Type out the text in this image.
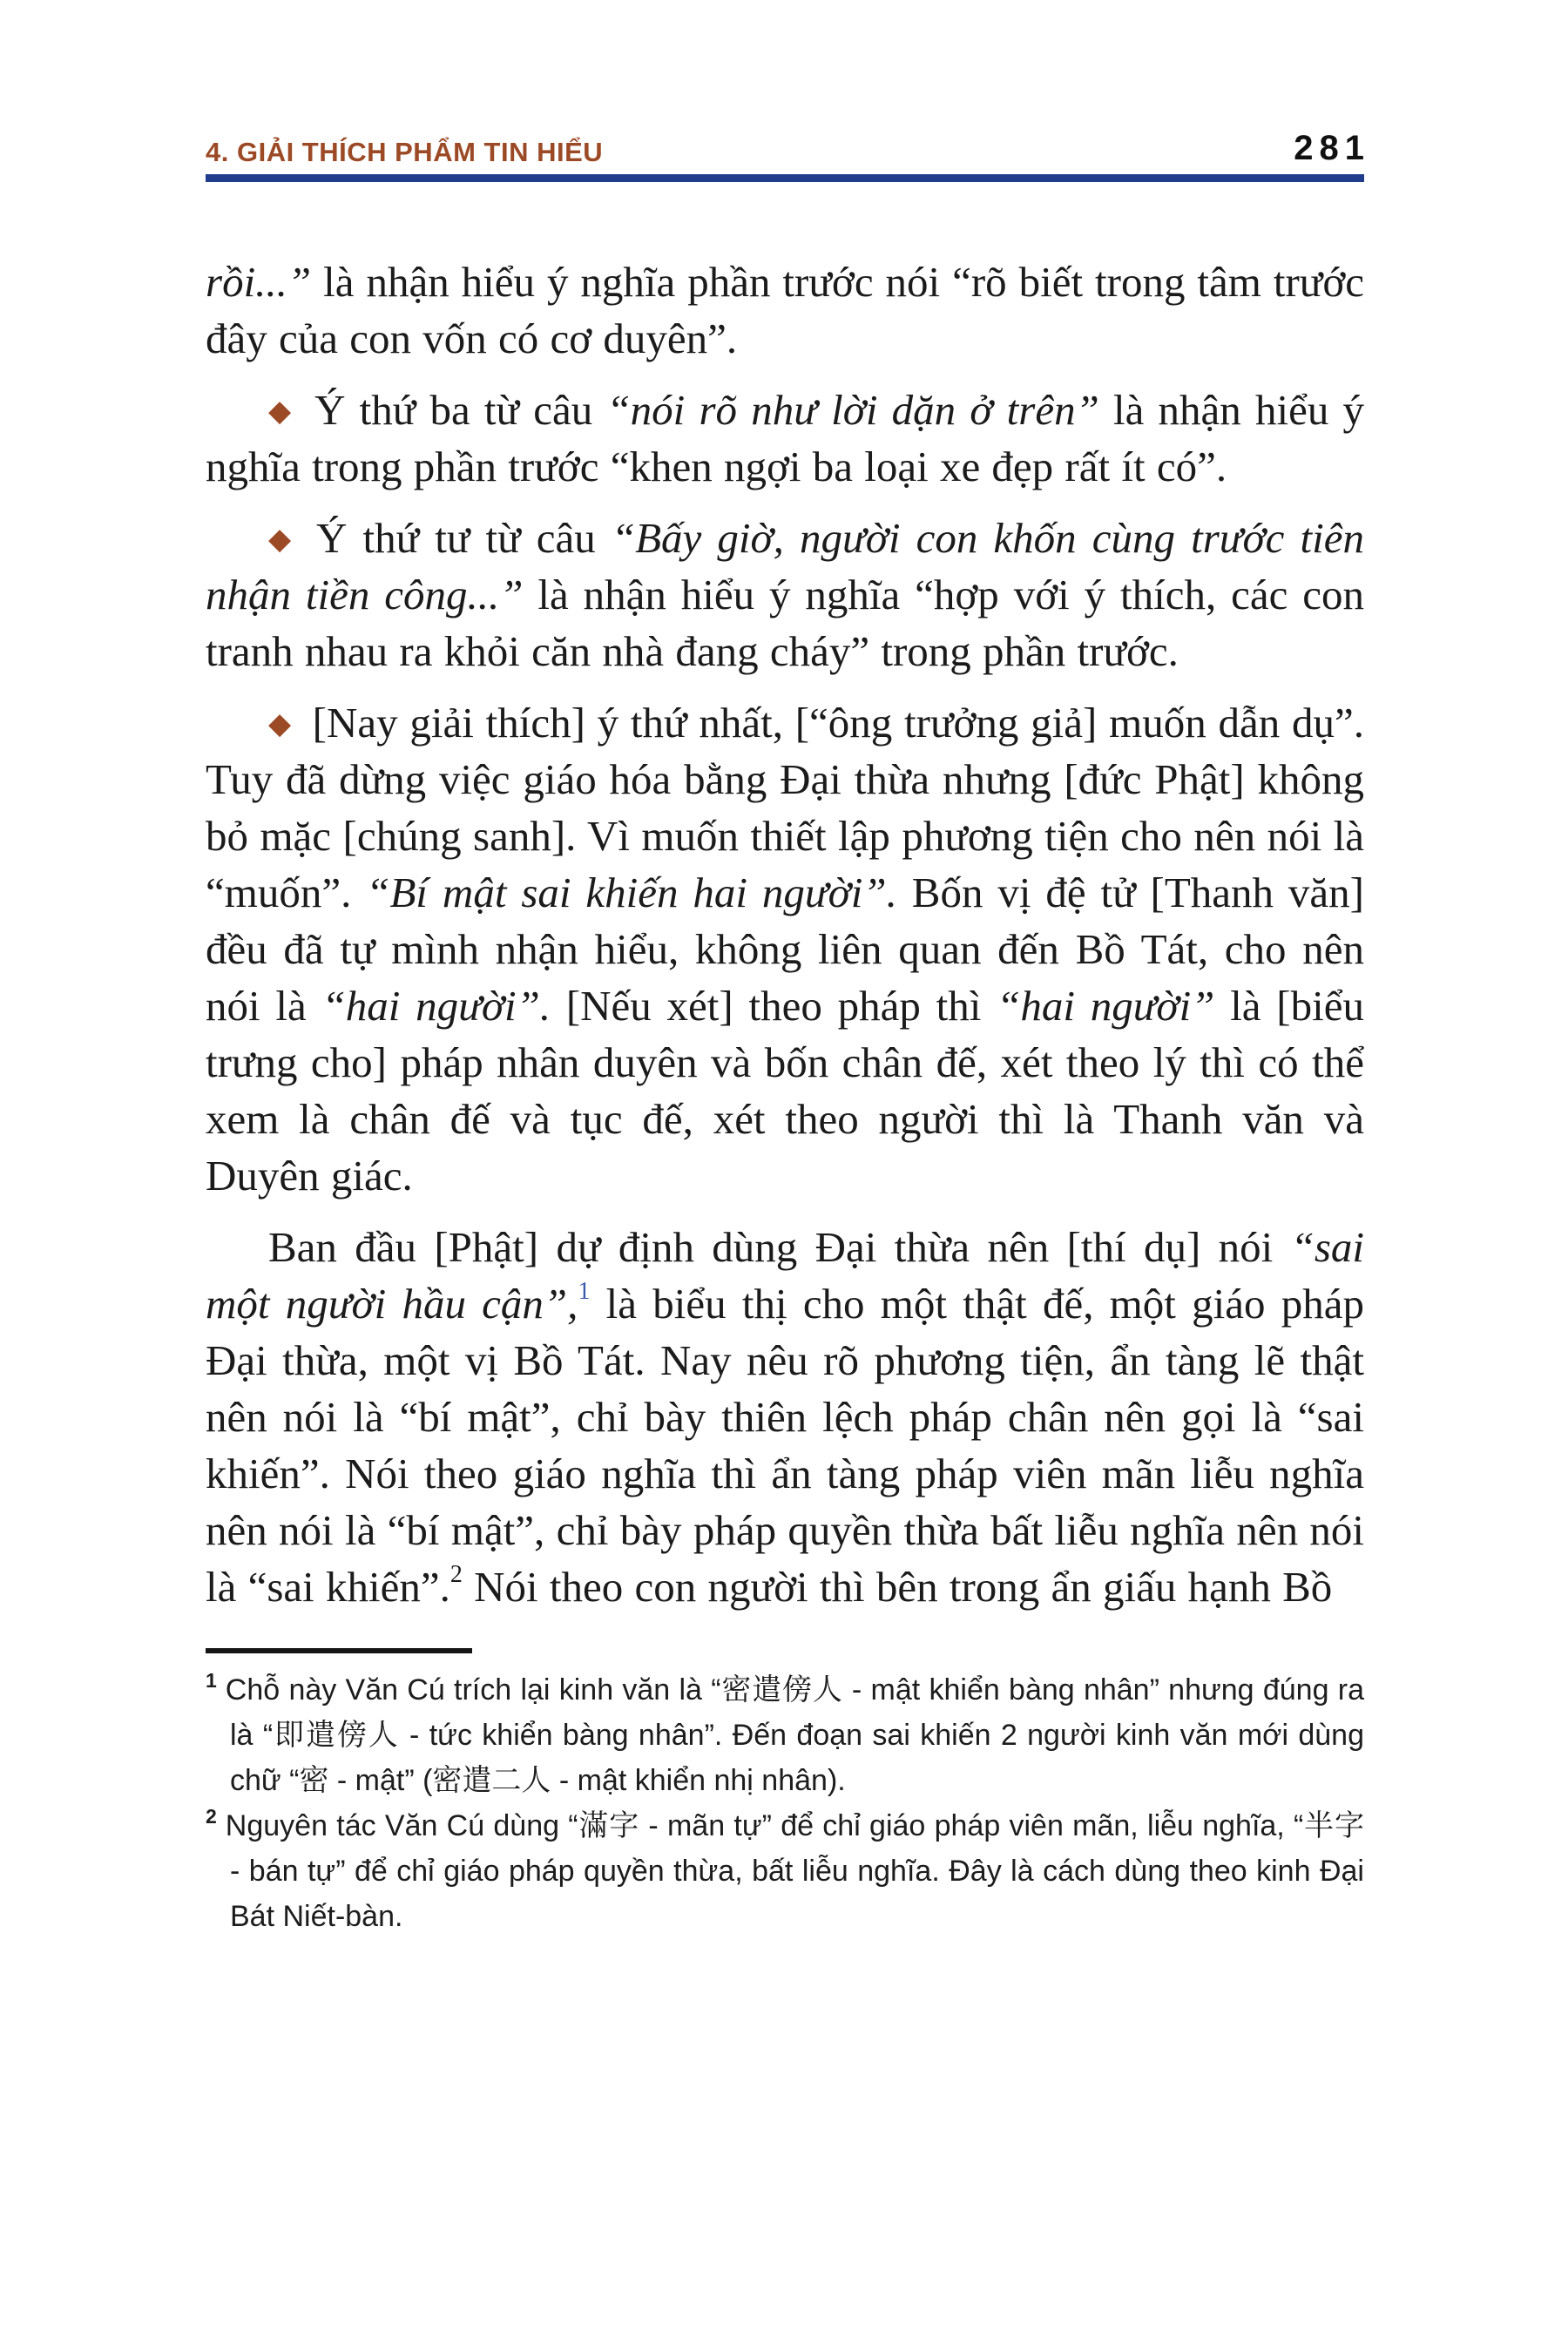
4. GIẢI THÍCH PHẨM TIN HIỂU	281

rồi...” là nhận hiểu ý nghĩa phần trước nói “rõ biết trong tâm trước đây của con vốn có cơ duyên”.

◆ Ý thứ ba từ câu “nói rõ như lời dặn ở trên” là nhận hiểu ý nghĩa trong phần trước “khen ngợi ba loại xe đẹp rất ít có”.

◆ Ý thứ tư từ câu “Bấy giờ, người con khốn cùng trước tiên nhận tiền công...” là nhận hiểu ý nghĩa “hợp với ý thích, các con tranh nhau ra khỏi căn nhà đang cháy” trong phần trước.

◆ [Nay giải thích] ý thứ nhất, [“ông trưởng giả] muốn dẫn dụ”. Tuy đã dừng việc giáo hóa bằng Đại thừa nhưng [đức Phật] không bỏ mặc [chúng sanh]. Vì muốn thiết lập phương tiện cho nên nói là “muốn”. “Bí mật sai khiến hai người”. Bốn vị đệ tử [Thanh văn] đều đã tự mình nhận hiểu, không liên quan đến Bồ Tát, cho nên nói là “hai người”. [Nếu xét] theo pháp thì “hai người” là [biểu trưng cho] pháp nhân duyên và bốn chân đế, xét theo lý thì có thể xem là chân đế và tục đế, xét theo người thì là Thanh văn và Duyên giác.

Ban đầu [Phật] dự định dùng Đại thừa nên [thí dụ] nói “sai một người hầu cận”,$^1$ là biểu thị cho một thật đế, một giáo pháp Đại thừa, một vị Bồ Tát. Nay nêu rõ phương tiện, ẩn tàng lẽ thật nên nói là “bí mật”, chỉ bày thiên lệch pháp chân nên gọi là “sai khiến”. Nói theo giáo nghĩa thì ẩn tàng pháp viên mãn liễu nghĩa nên nói là “bí mật”, chỉ bày pháp quyền thừa bất liễu nghĩa nên nói là “sai khiến”.$^2$ Nói theo con người thì bên trong ẩn giấu hạnh Bồ

$^1$ Chỗ này Văn Cú trích lại kinh văn là “密遣傍人 - mật khiển bàng nhân” nhưng đúng ra là “即遣傍人 - tức khiển bàng nhân”. Đến đoạn sai khiến 2 người kinh văn mới dùng chữ “密 - mật” (密遣二人 - mật khiển nhị nhân).

$^2$ Nguyên tác Văn Cú dùng “滿字 - mãn tự” để chỉ giáo pháp viên mãn, liễu nghĩa, “半字 - bán tự” để chỉ giáo pháp quyền thừa, bất liễu nghĩa. Đây là cách dùng theo kinh Đại Bát Niết-bàn.
